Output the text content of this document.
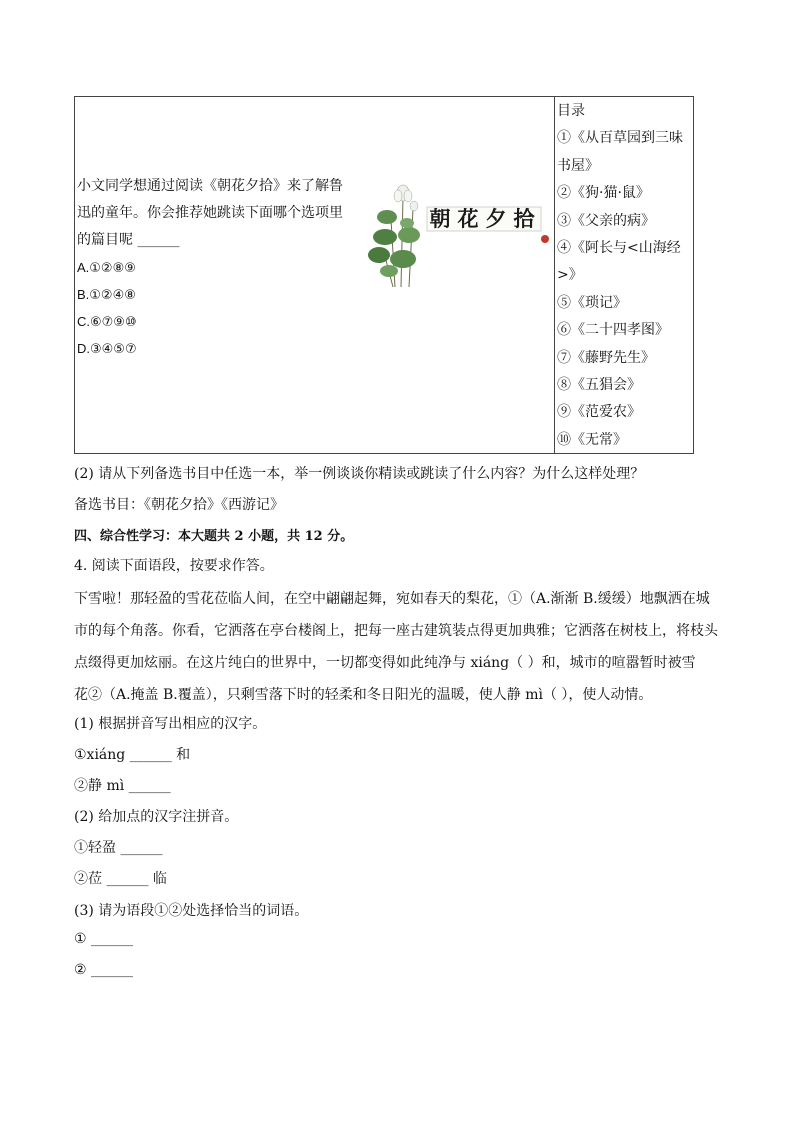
小文同学想通过阅读《朝花夕拾》来了解鲁
迅的童年。你会推荐她跳读下面哪个选项里
的篇目呢 ______
A.①②⑧⑨
B.①②④⑧
C.⑥⑦⑨⑩
D.③④⑤⑦
朝 花 夕 拾
目录
①《从百草园到三味
书屋》
②《狗·猫·鼠》
③《父亲的病》
④《阿长与<山海经
>》
⑤《琐记》
⑥《二十四孝图》
⑦《藤野先生》
⑧《五猖会》
⑨《范爱农》
⑩《无常》
(2) 请从下列备选书目中任选一本，举一例谈谈你精读或跳读了什么内容？为什么这样处理？
备选书目：《朝花夕拾》《西游记》
四、综合性学习：本大题共 2 小题，共 12 分。
4. 阅读下面语段，按要求作答。
下雪啦！那轻盈的雪花莅临人间，在空中翩翩起舞，宛如春天的梨花，①（A.渐渐 B.缓缓）地飘洒在城
市的每个角落。你看，它洒落在亭台楼阁上，把每一座古建筑装点得更加典雅；它洒落在树枝上，将枝头
点缀得更加炫丽。在这片纯白的世界中，一切都变得如此纯净与 xiáng（ ）和，城市的喧嚣暂时被雪
花②（A.掩盖 B.覆盖），只剩雪落下时的轻柔和冬日阳光的温暖，使人静 mì（ ），使人动情。
(1) 根据拼音写出相应的汉字。
①xiáng ______ 和
②静 mì ______
(2) 给加点的汉字注拼音。
①轻盈 ______
②莅 ______ 临
(3) 请为语段①②处选择恰当的词语。
① ______
② ______
